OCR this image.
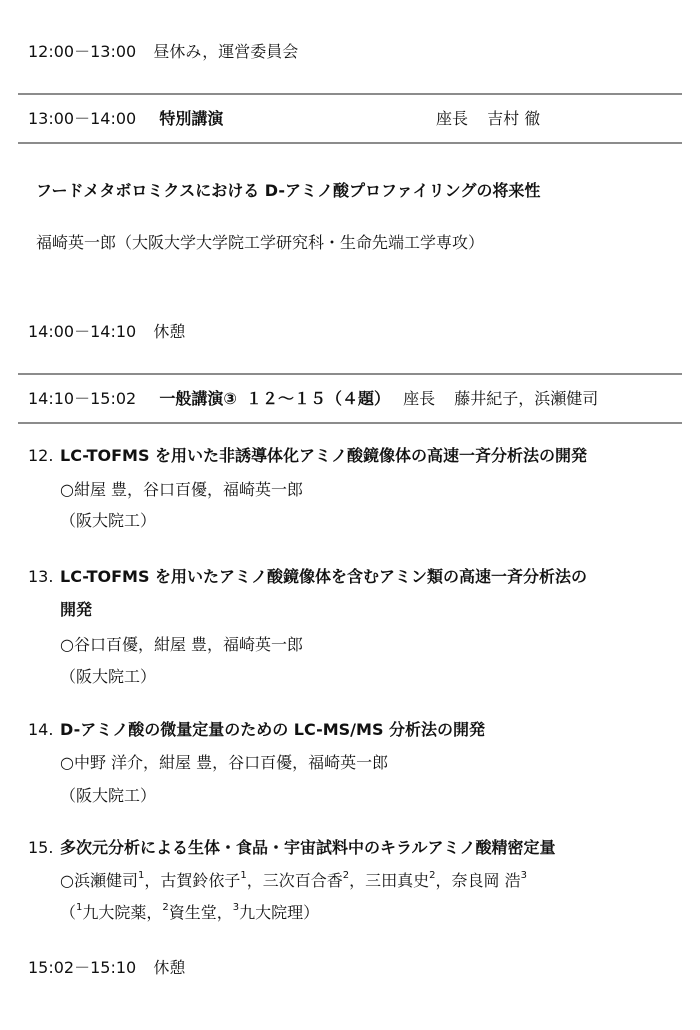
12:00－13:00 昼休み，運営委員会
13:00－14:00 特別講演	座長 吉村 徹
フードメタボロミクスにおける D-アミノ酸プロファイリングの将来性
福崎英一郎（大阪大学大学院工学研究科・生命先端工学専攻）
14:00－14:10 休憩
14:10－15:02 一般講演③ １２～１５（４題） 座長 藤井紀子，浜瀬健司
12. LC-TOFMS を用いた非誘導体化アミノ酸鏡像体の高速一斉分析法の開発
○紺屋 豊，谷口百優，福崎英一郎
（阪大院工）
13. LC-TOFMS を用いたアミノ酸鏡像体を含むアミン類の高速一斉分析法の
開発
○谷口百優，紺屋 豊，福崎英一郎
（阪大院工）
14. D-アミノ酸の微量定量のための LC-MS/MS 分析法の開発
○中野 洋介，紺屋 豊，谷口百優，福崎英一郎
（阪大院工）
15. 多次元分析による生体・食品・宇宙試料中のキラルアミノ酸精密定量
○浜瀬健司$^1$，古賀鈴依子$^1$，三次百合香$^2$，三田真史$^2$，奈良岡 浩$^3$
（$^1$九大院薬，$^2$資生堂，$^3$九大院理）
15:02－15:10 休憩
